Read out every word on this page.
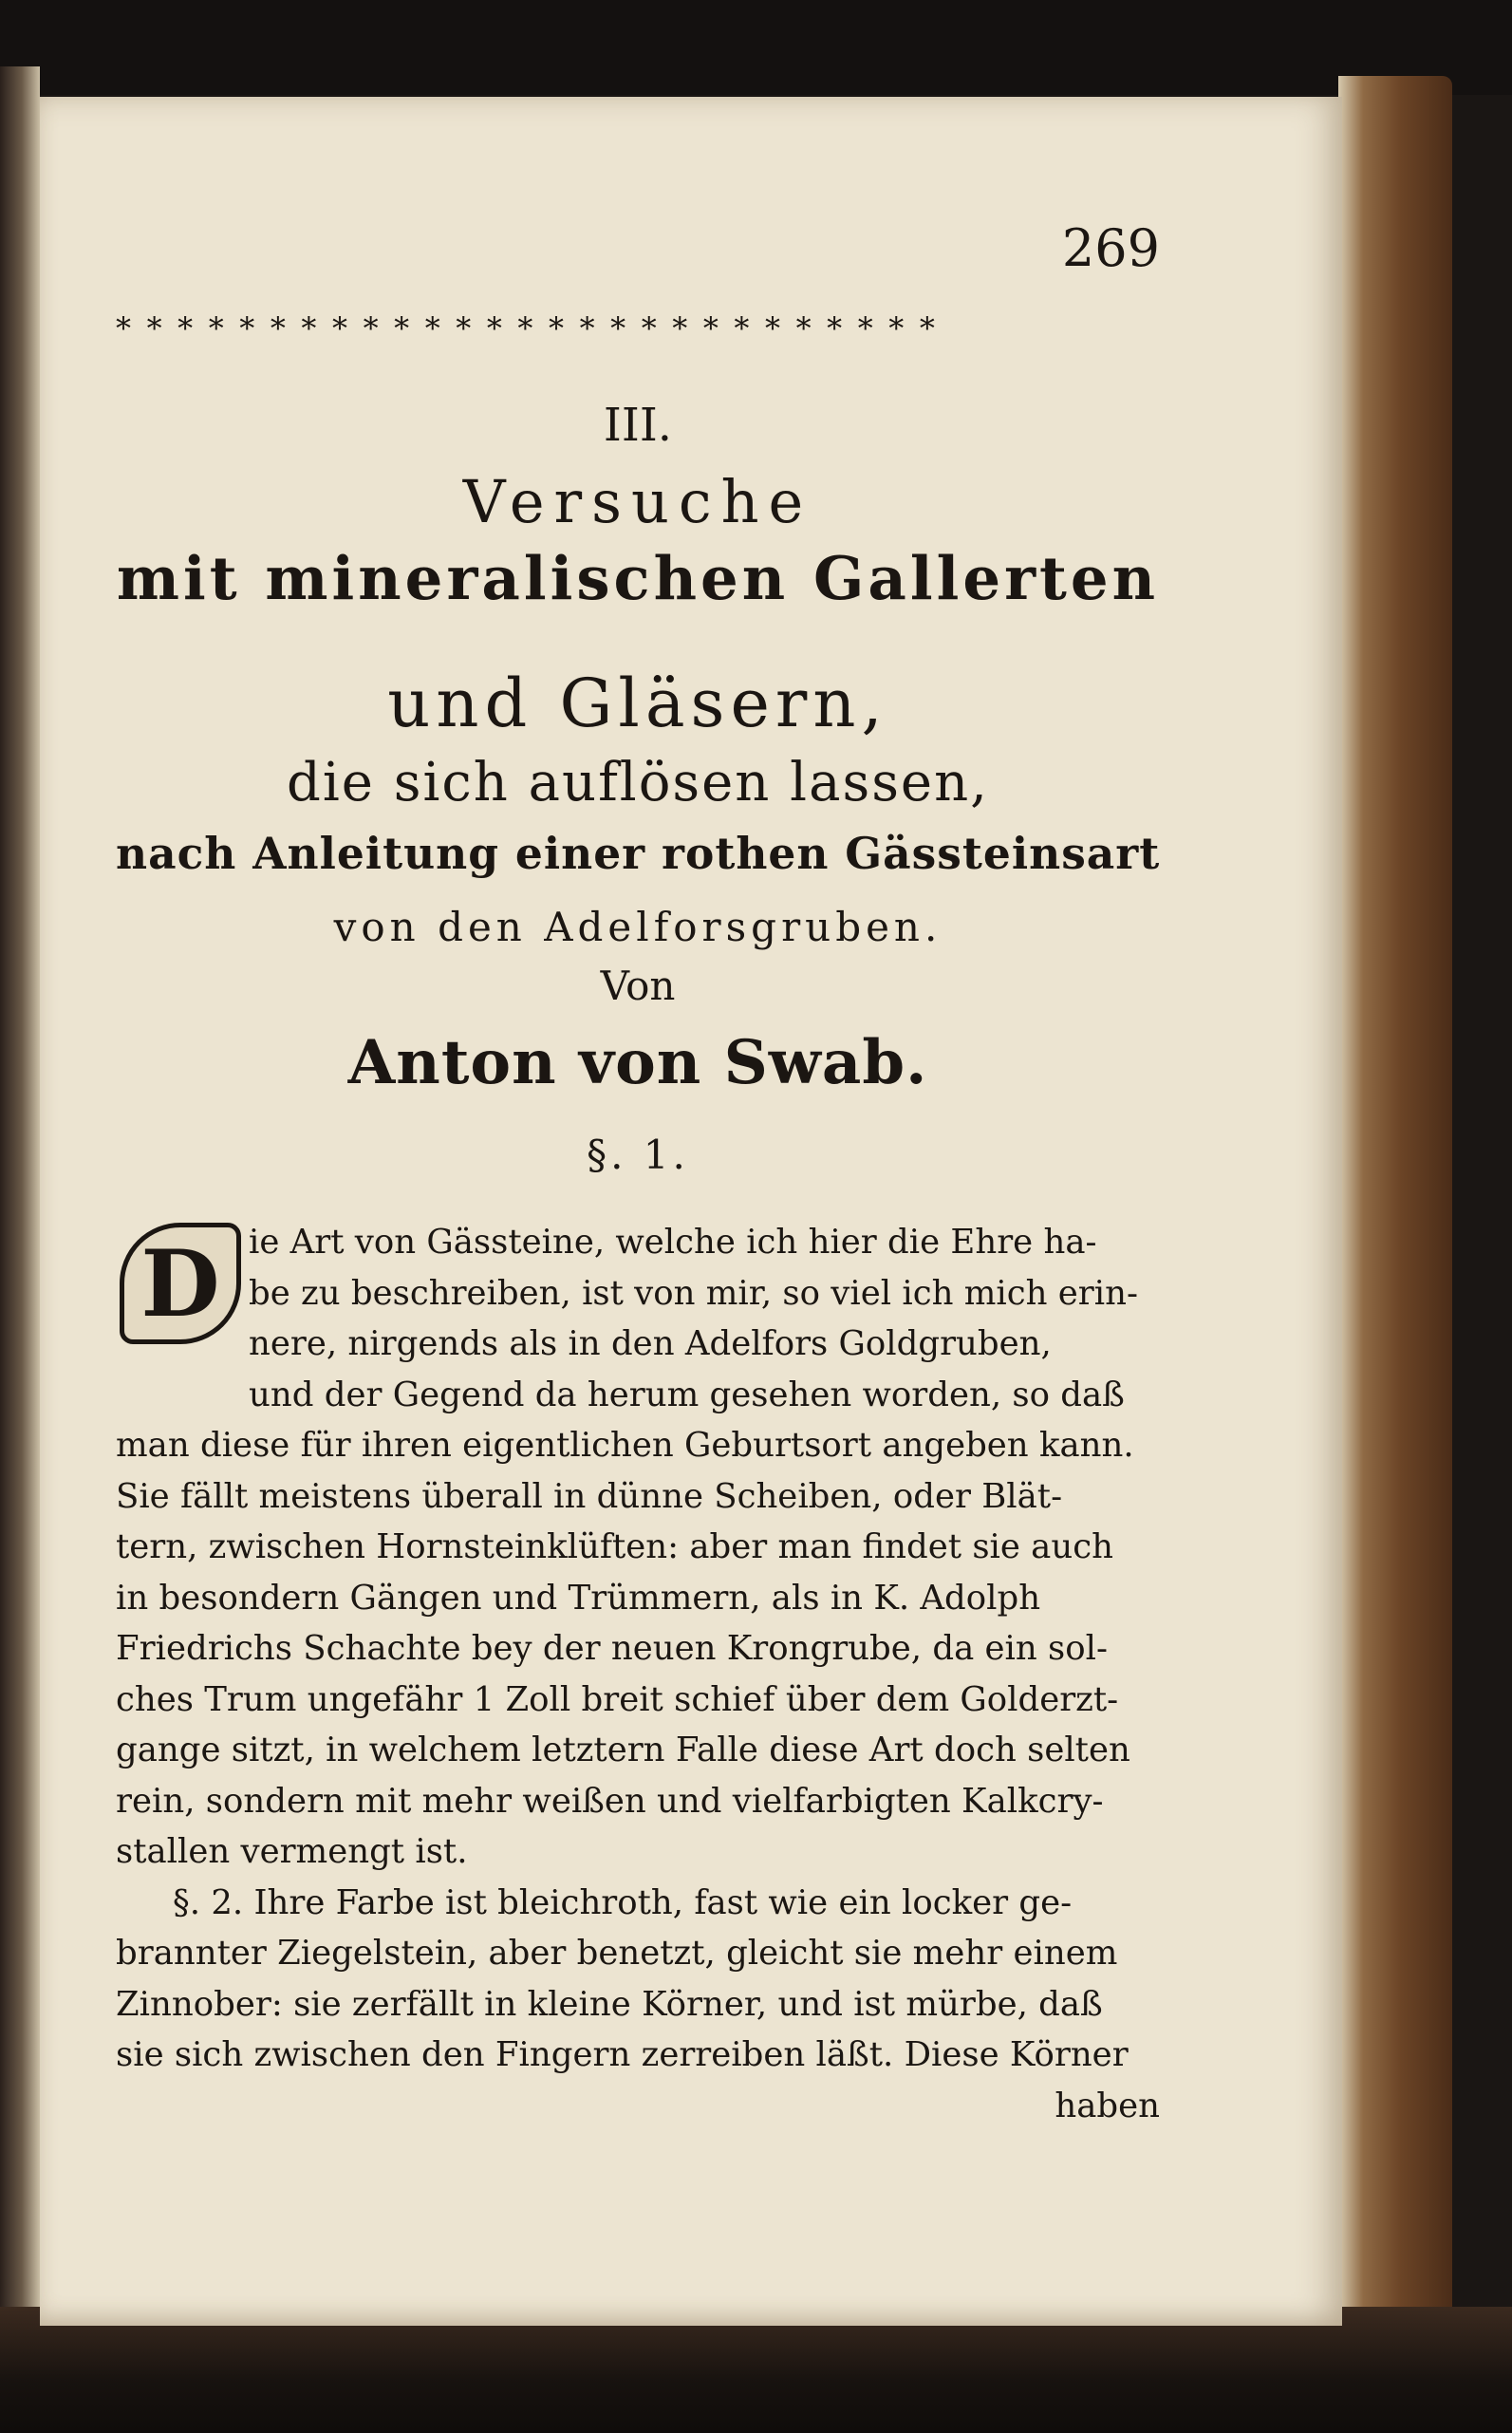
269
* * * * * * * * * * * * * * * * * * * * * * * * * * *
III.
Versuche
mit mineralischen Gallerten
und Gläsern,
die sich auflösen lassen,
nach Anleitung einer rothen Gässteinsart
von den Adelforsgruben.
Von
Anton von Swab.
§. 1.
D ie Art von Gässteine, welche ich hier die Ehre ha-
be zu beschreiben, ist von mir, so viel ich mich erin-
nere, nirgends als in den Adelfors Goldgruben,
und der Gegend da herum gesehen worden, so daß
man diese für ihren eigentlichen Geburtsort angeben kann.
Sie fällt meistens überall in dünne Scheiben, oder Blät-
tern, zwischen Hornsteinklüften: aber man findet sie auch
in besondern Gängen und Trümmern, als in K. Adolph
Friedrichs Schachte bey der neuen Krongrube, da ein sol-
ches Trum ungefähr 1 Zoll breit schief über dem Golderzt-
gange sitzt, in welchem letztern Falle diese Art doch selten
rein, sondern mit mehr weißen und vielfarbigten Kalkcry-
stallen vermengt ist.
§. 2. Ihre Farbe ist bleichroth, fast wie ein locker ge-
brannter Ziegelstein, aber benetzt, gleicht sie mehr einem
Zinnober: sie zerfällt in kleine Körner, und ist mürbe, daß
sie sich zwischen den Fingern zerreiben läßt. Diese Körner
haben
